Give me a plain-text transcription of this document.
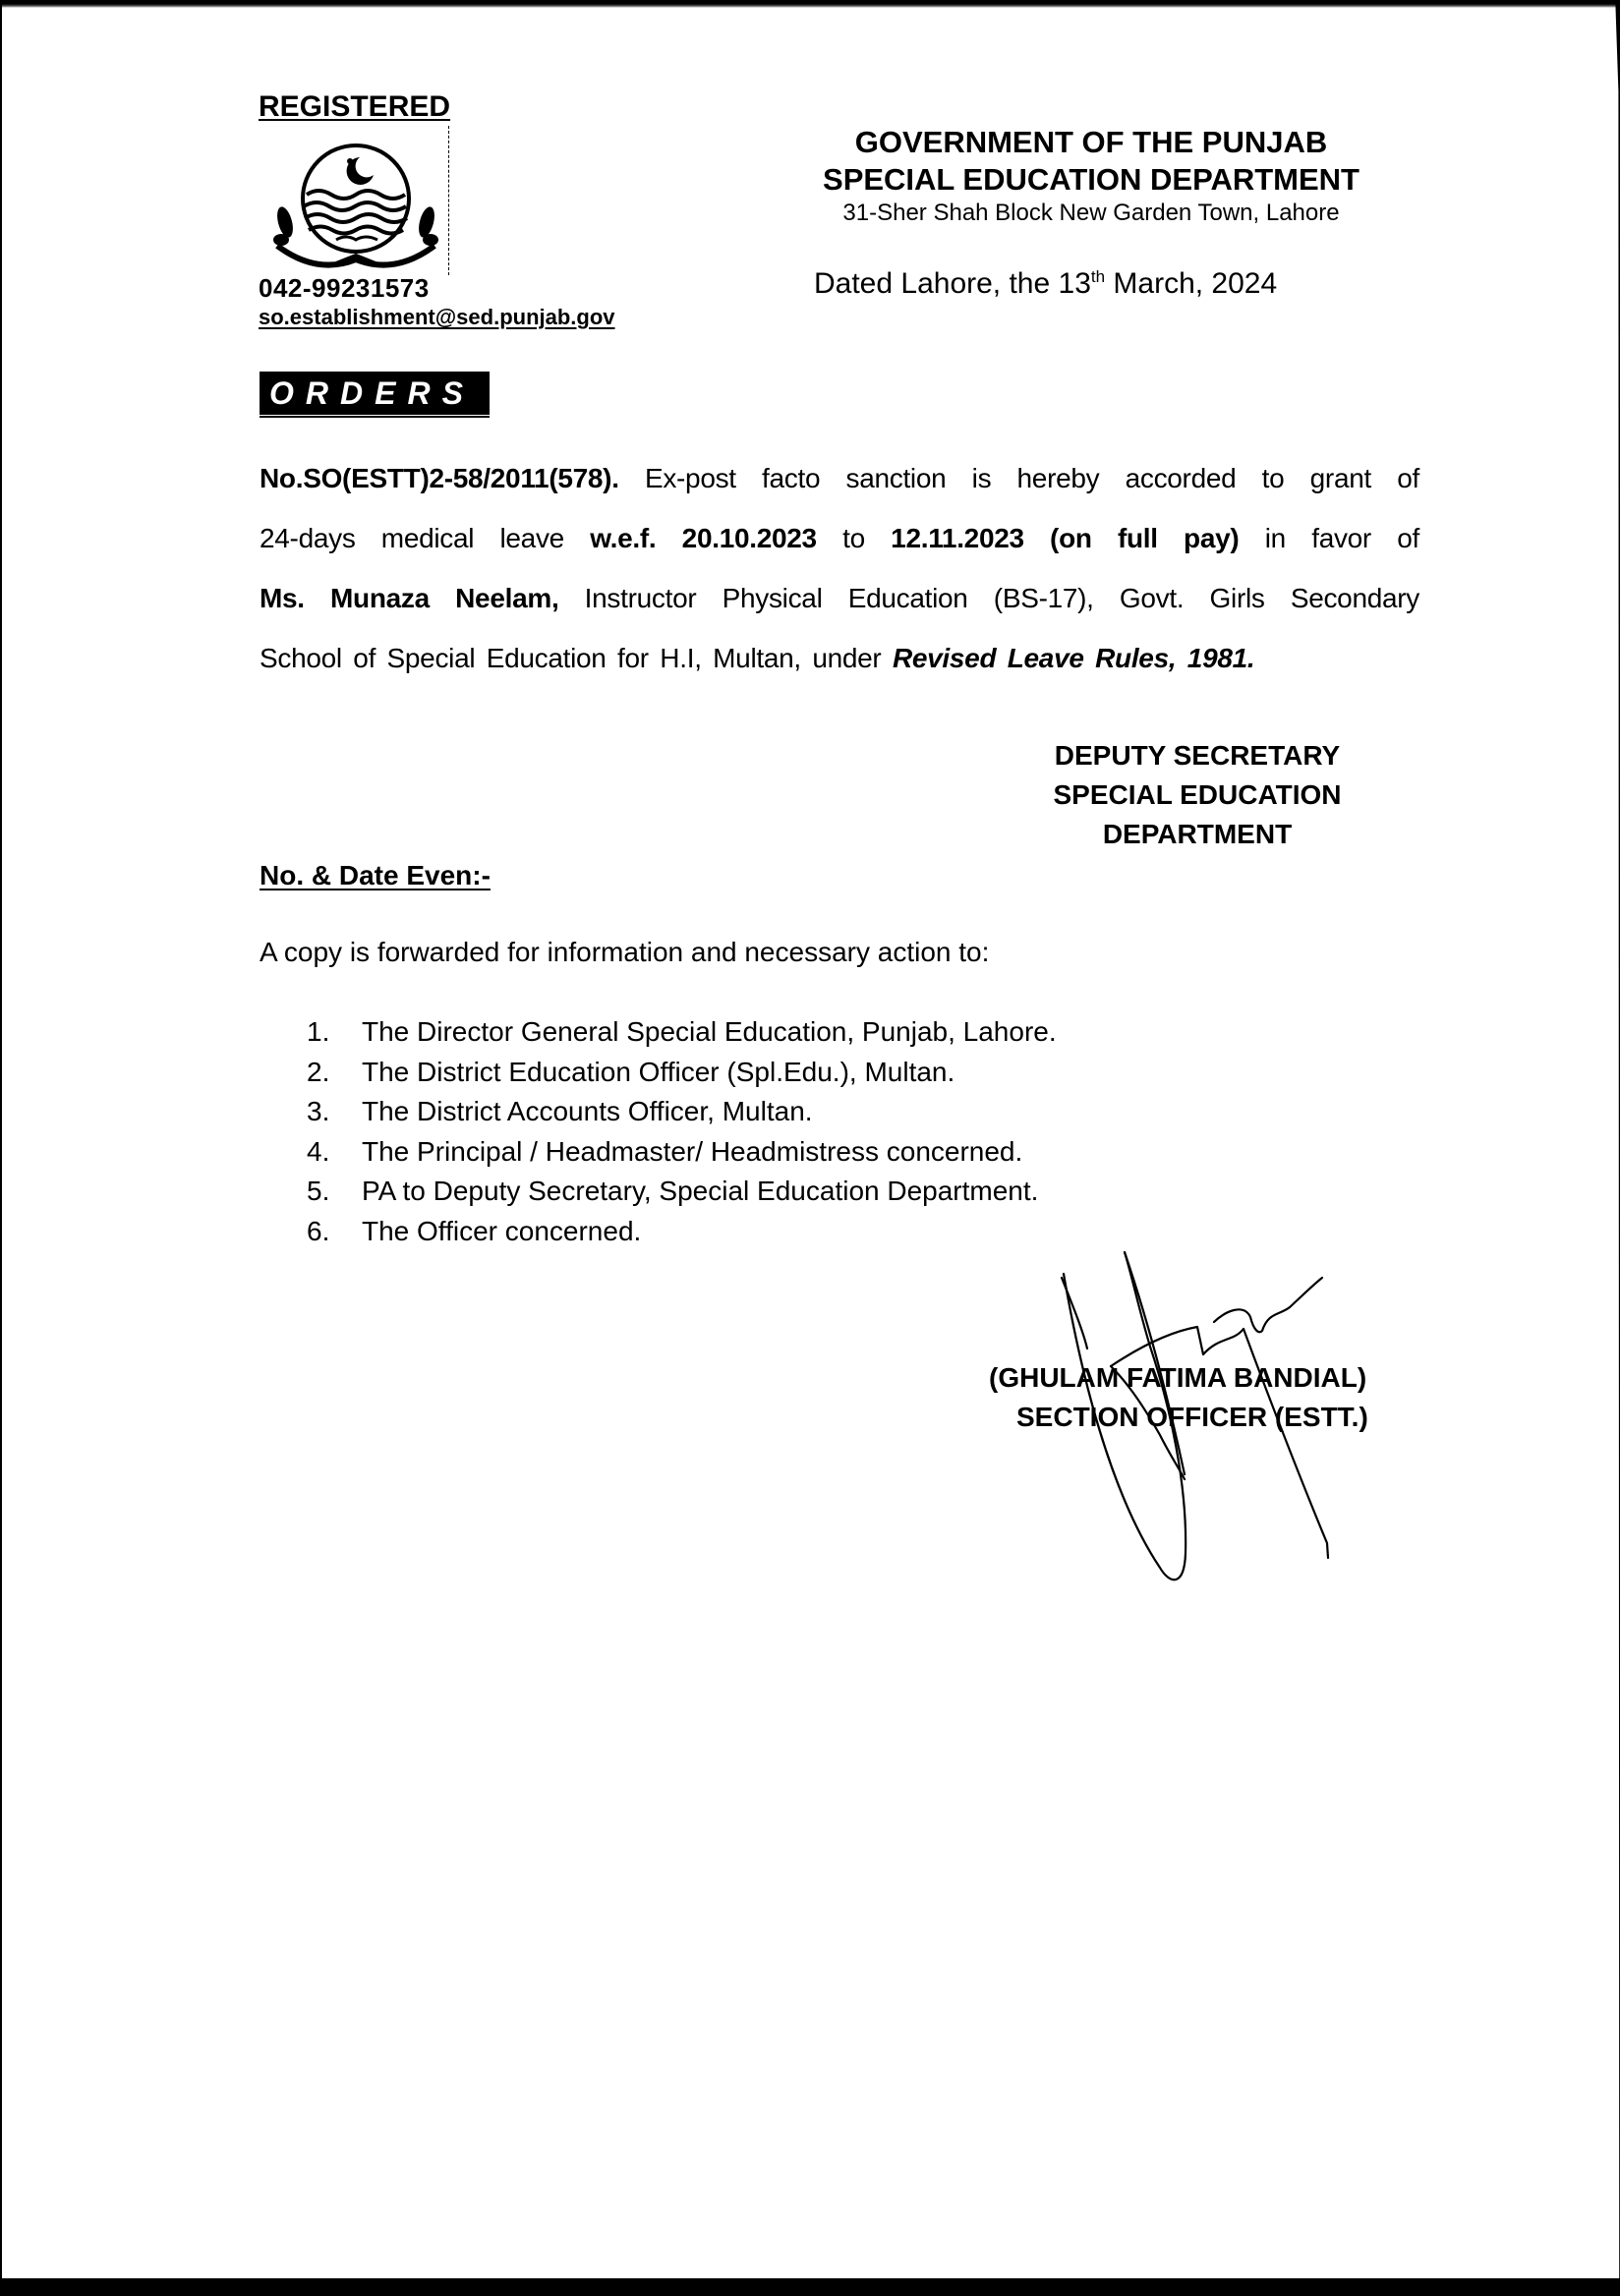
REGISTERED
042-99231573
so.establishment@sed.punjab.gov
GOVERNMENT OF THE PUNJAB
SPECIAL EDUCATION DEPARTMENT
31-Sher Shah Block New Garden Town, Lahore
Dated Lahore, the 13th March, 2024
ORDERS
No.SO(ESTT)2-58/2011(578). Ex-post facto sanction is hereby accorded to grant of
24-days medical leave w.e.f. 20.10.2023 to 12.11.2023 (on full pay) in favor of
Ms. Munaza Neelam, Instructor Physical Education (BS-17), Govt. Girls Secondary
School of Special Education for H.I, Multan, under Revised Leave Rules, 1981.
DEPUTY SECRETARY
SPECIAL EDUCATION
DEPARTMENT
No. & Date Even:-
A copy is forwarded for information and necessary action to:
1.	The Director General Special Education, Punjab, Lahore.
2.	The District Education Officer (Spl.Edu.), Multan.
3.	The District Accounts Officer, Multan.
4.	The Principal / Headmaster/ Headmistress concerned.
5.	PA to Deputy Secretary, Special Education Department.
6.	The Officer concerned.
(GHULAM FATIMA BANDIAL)
SECTION OFFICER (ESTT.)
